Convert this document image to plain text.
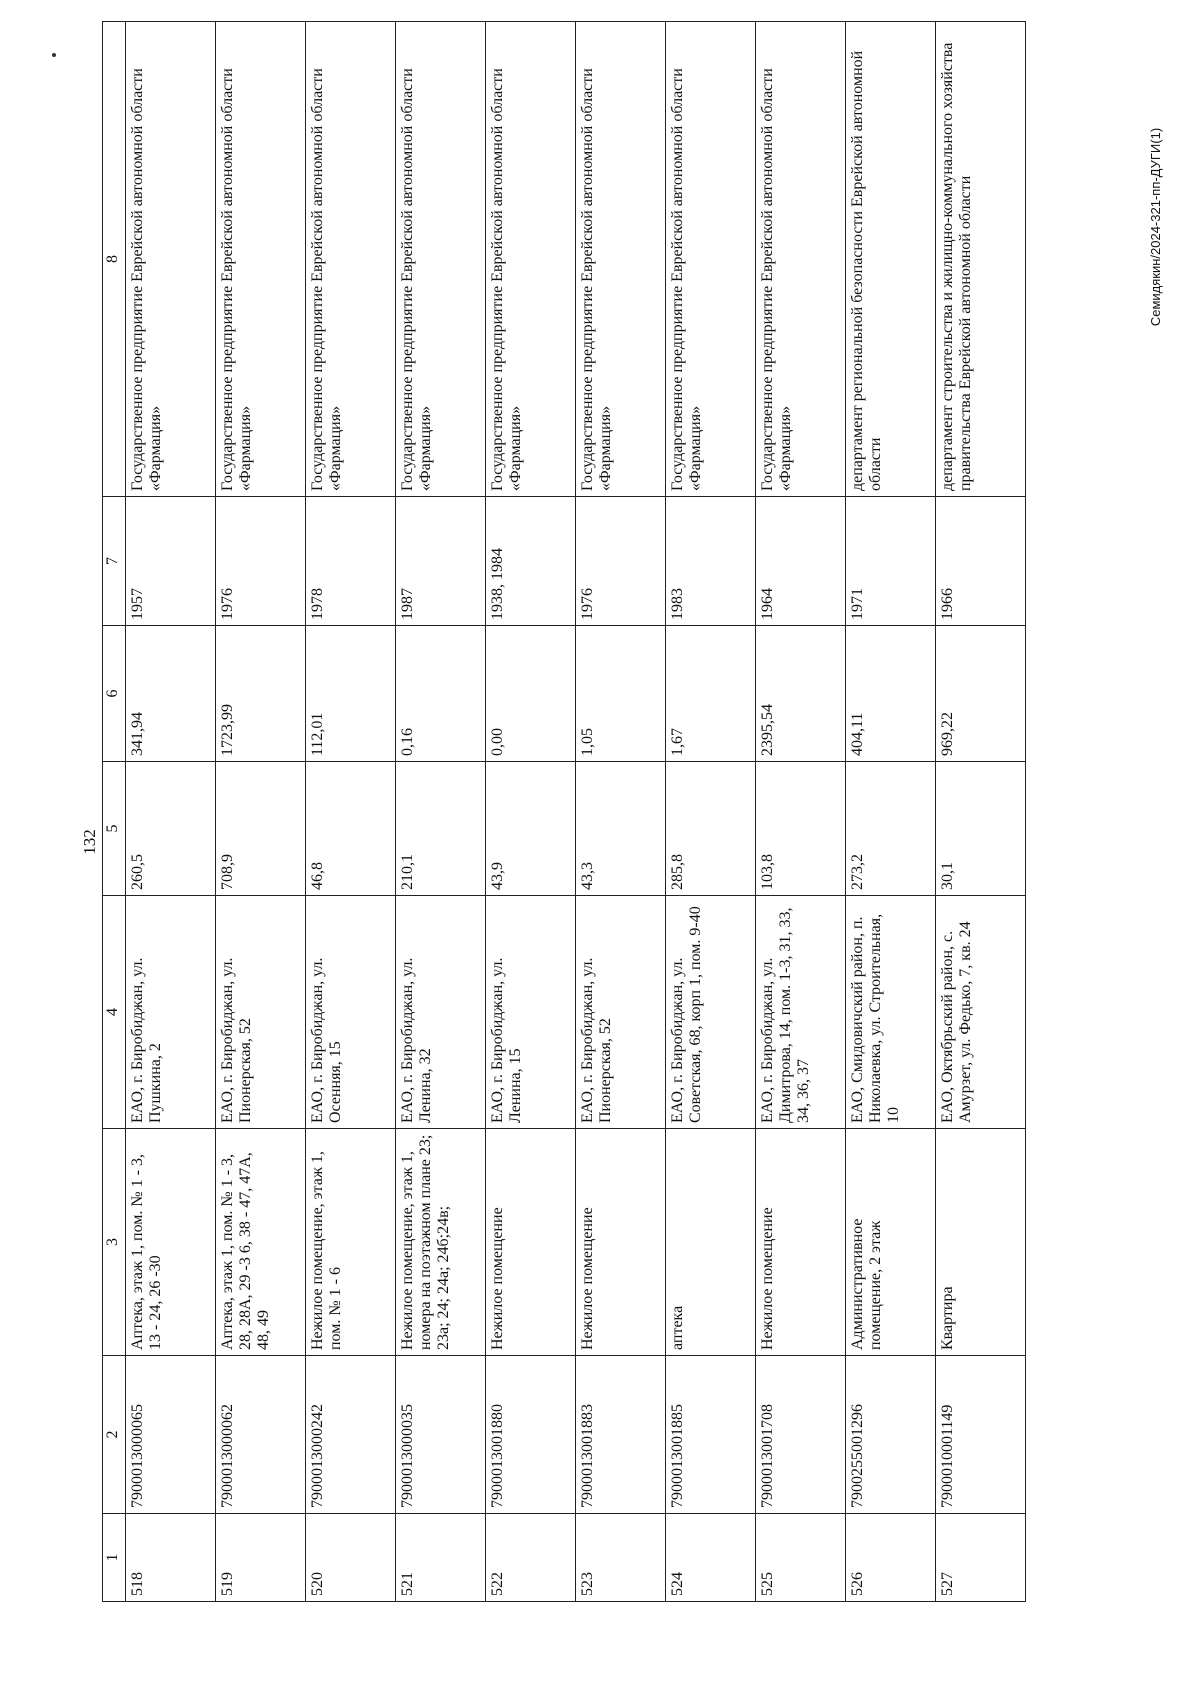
132
1	2	3	4	5	6	7	8
518	7900013000065	Аптека, этаж 1, пом. № 1 - 3, 13 - 24, 26 -30	ЕАО, г. Биробиджан, ул. Пушкина, 2	260,5	341,94	1957	Государственное предприятие Еврейской автономной области «Фармация»
519	7900013000062	Аптека, этаж 1, пом. № 1 - 3, 28, 28А, 29 -3 6, 38 - 47, 47А, 48, 49	ЕАО, г. Биробиджан, ул. Пионерская, 52	708,9	1723,99	1976	Государственное предприятие Еврейской автономной области «Фармация»
520	7900013000242	Нежилое помещение, этаж 1, пом. № 1 - 6	ЕАО, г. Биробиджан, ул. Осенняя, 15	46,8	112,01	1978	Государственное предприятие Еврейской автономной области «Фармация»
521	7900013000035	Нежилое помещение, этаж 1, номера на поэтажном плане 23; 23а; 24; 24а; 24б;24в;	ЕАО, г. Биробиджан, ул. Ленина, 32	210,1	0,16	1987	Государственное предприятие Еврейской автономной области «Фармация»
522	7900013001880	Нежилое помещение	ЕАО, г. Биробиджан, ул. Ленина, 15	43,9	0,00	1938, 1984	Государственное предприятие Еврейской автономной области «Фармация»
523	7900013001883	Нежилое помещение	ЕАО, г. Биробиджан, ул. Пионерская, 52	43,3	1,05	1976	Государственное предприятие Еврейской автономной области «Фармация»
524	7900013001885	аптека	ЕАО, г. Биробиджан, ул. Советская, 68, корп 1, пом. 9-40	285,8	1,67	1983	Государственное предприятие Еврейской автономной области «Фармация»
525	7900013001708	Нежилое помещение	ЕАО, г. Биробиджан, ул. Димитрова, 14, пом. 1-3, 31, 33, 34, 36, 37	103,8	2395,54	1964	Государственное предприятие Еврейской автономной области «Фармация»
526	7900255001296	Административное помещение, 2 этаж	ЕАО, Смидовичский район, п. Николаевка, ул. Строительная, 10	273,2	404,11	1971	департамент региональной безопасности Еврейской автономной области
527	7900010001149	Квартира	ЕАО, Октябрьский район, с. Амурзет, ул. Федько, 7, кв. 24	30,1	969,22	1966	департамент строительства и жилищно-коммунального хозяйства правительства Еврейской автономной области	Семидякин/2024-321-пп-ДУГИ(1)
